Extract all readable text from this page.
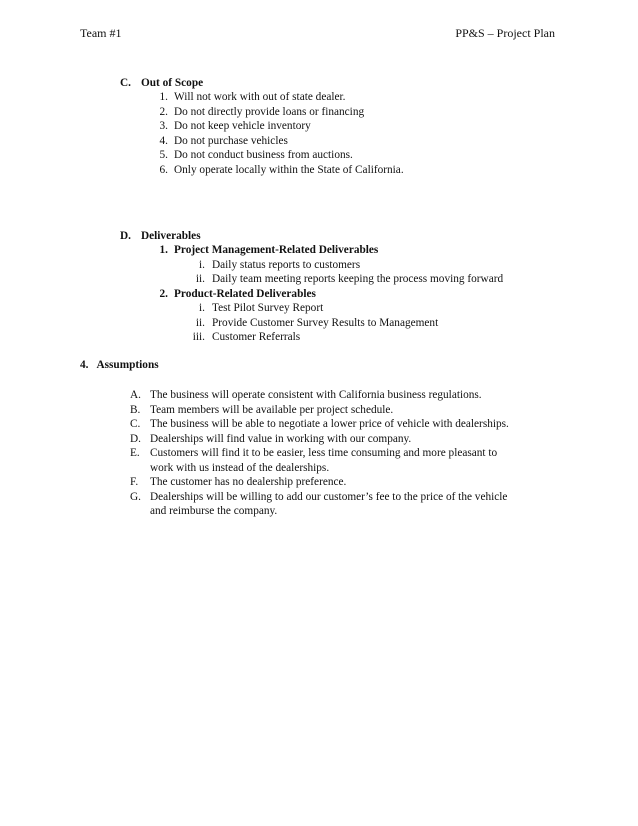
Team #1	PP&S – Project Plan
C. Out of Scope
1. Will not work with out of state dealer.
2. Do not directly provide loans or financing
3. Do not keep vehicle inventory
4. Do not purchase vehicles
5. Do not conduct business from auctions.
6. Only operate locally within the State of California.
D. Deliverables
1. Project Management-Related Deliverables
i. Daily status reports to customers
ii. Daily team meeting reports keeping the process moving forward
2. Product-Related Deliverables
i. Test Pilot Survey Report
ii. Provide Customer Survey Results to Management
iii. Customer Referrals
4. Assumptions
A. The business will operate consistent with California business regulations.
B. Team members will be available per project schedule.
C. The business will be able to negotiate a lower price of vehicle with dealerships.
D. Dealerships will find value in working with our company.
E. Customers will find it to be easier, less time consuming and more pleasant to
work with us instead of the dealerships.
F. The customer has no dealership preference.
G. Dealerships will be willing to add our customer’s fee to the price of the vehicle
and reimburse the company.
